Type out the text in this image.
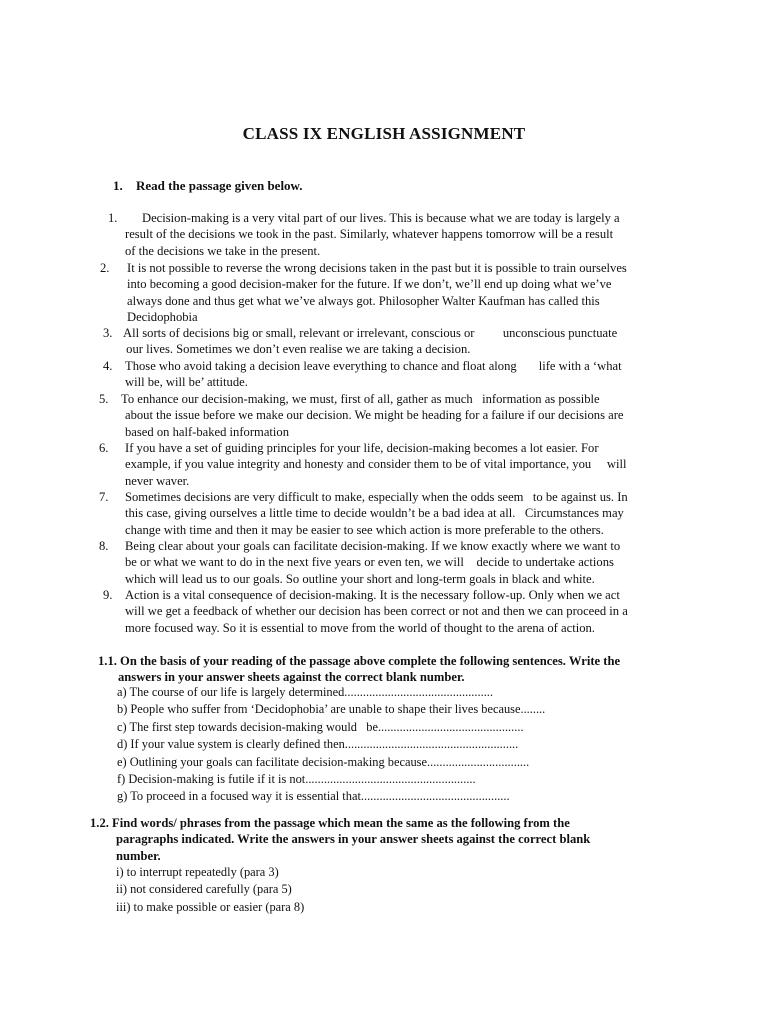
CLASS IX ENGLISH ASSIGNMENT
1. Read the passage given below.
1.	Decision-making is a very vital part of our lives. This is because what we are today is largely a
result of the decisions we took in the past. Similarly, whatever happens tomorrow will be a result
of the decisions we take in the present.
2. It is not possible to reverse the wrong decisions taken in the past but it is possible to train ourselves
into becoming a good decision-maker for the future. If we don’t, we’ll end up doing what we’ve
always done and thus get what we’ve always got. Philosopher Walter Kaufman has called this
Decidophobia
3. All sorts of decisions big or small, relevant or irrelevant, conscious or         unconscious punctuate
our lives. Sometimes we don’t even realise we are taking a decision.
4. Those who avoid taking a decision leave everything to chance and float along       life with a ‘what
will be, will be’ attitude.
5. To enhance our decision-making, we must, first of all, gather as much   information as possible
about the issue before we make our decision. We might be heading for a failure if our decisions are
based on half-baked information
6. If you have a set of guiding principles for your life, decision-making becomes a lot easier. For
example, if you value integrity and honesty and consider them to be of vital importance, you     will
never waver.
7. Sometimes decisions are very difficult to make, especially when the odds seem   to be against us. In
this case, giving ourselves a little time to decide wouldn’t be a bad idea at all.   Circumstances may
change with time and then it may be easier to see which action is more preferable to the others.
8. Being clear about your goals can facilitate decision-making. If we know exactly where we want to
be or what we want to do in the next five years or even ten, we will    decide to undertake actions
which will lead us to our goals. So outline your short and long-term goals in black and white.
9. Action is a vital consequence of decision-making. It is the necessary follow-up. Only when we act
will we get a feedback of whether our decision has been correct or not and then we can proceed in a
more focused way. So it is essential to move from the world of thought to the arena of action.
1.1. On the basis of your reading of the passage above complete the following sentences. Write the
answers in your answer sheets against the correct blank number.
a) The course of our life is largely determined................................................
b) People who suffer from ‘Decidophobia’ are unable to shape their lives because........
c) The first step towards decision-making would   be...............................................
d) If your value system is clearly defined then........................................................
e) Outlining your goals can facilitate decision-making because.................................
f) Decision-making is futile if it is not.......................................................
g) To proceed in a focused way it is essential that................................................
1.2. Find words/ phrases from the passage which mean the same as the following from the
paragraphs indicated. Write the answers in your answer sheets against the correct blank
number.
i) to interrupt repeatedly (para 3)
ii) not considered carefully (para 5)
iii) to make possible or easier (para 8)
